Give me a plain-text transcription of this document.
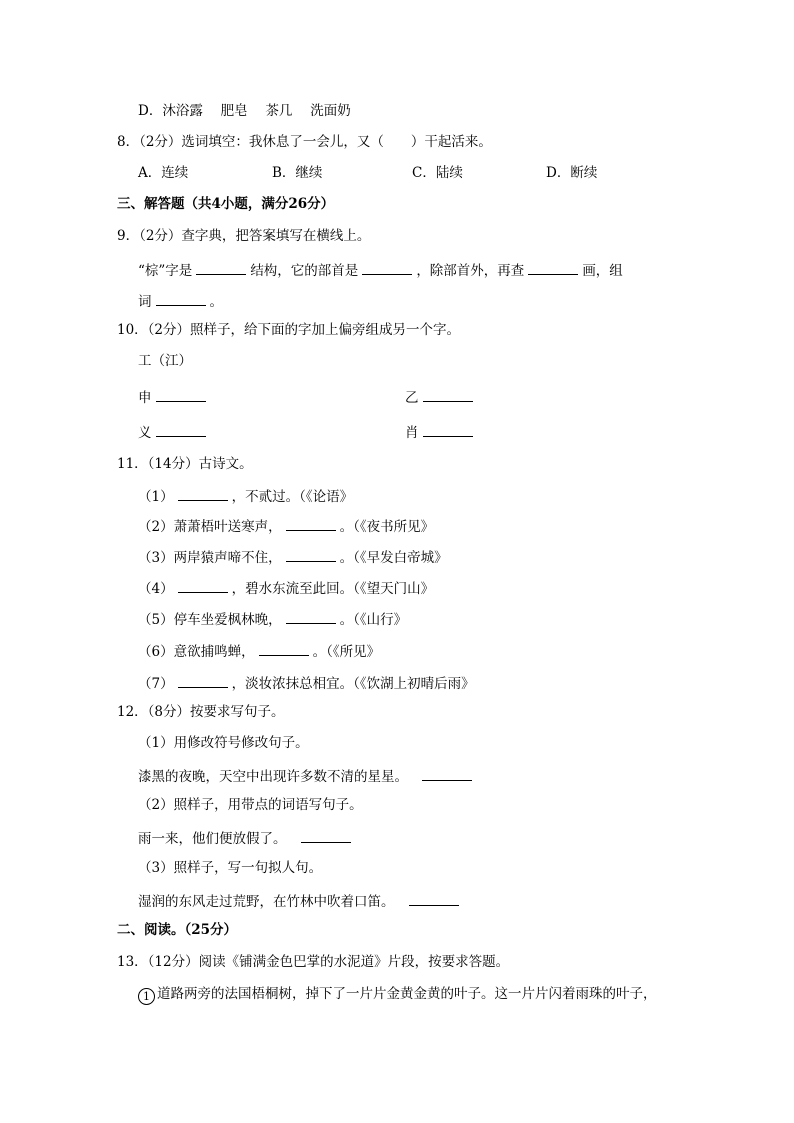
D．沐浴露　 肥皂　 茶几　 洗面奶
8．（2分）选词填空：我休息了一会儿，又（　　）干起活来。
A．连续	B．继续	C．陆续	D．断续
三、解答题（共4小题，满分26分）
9．（2分）查字典，把答案填写在横线上。
“棕”字是	结构，它的部首是	，除部首外，再查	画，组
词	。
10．（2分）照样子，给下面的字加上偏旁组成另一个字。
工（江）
申	乙
义	肖
11．（14分）古诗文。
（1）	，不贰过。（《论语》
（2）萧萧梧叶送寒声，	。（《夜书所见》
（3）两岸猿声啼不住，	。（《早发白帝城》
（4）	，碧水东流至此回。（《望天门山》
（5）停车坐爱枫林晚，	。（《山行》
（6）意欲捕鸣蝉，	。（《所见》
（7）	，淡妆浓抹总相宜。（《饮湖上初晴后雨》
12．（8分）按要求写句子。
（1）用修改符号修改句子。
漆黑的夜晚，天空中出现许多数不清的星星。
（2）照样子，用带点的词语写句子。
雨一来，他们便放假了。
（3）照样子，写一句拟人句。
湿润的东风走过荒野，在竹林中吹着口笛。
二、阅读。（25分）
13．（12分）阅读《铺满金色巴掌的水泥道》片段，按要求答题。
1 道路两旁的法国梧桐树，掉下了一片片金黄金黄的叶子。这一片片闪着雨珠的叶子，
